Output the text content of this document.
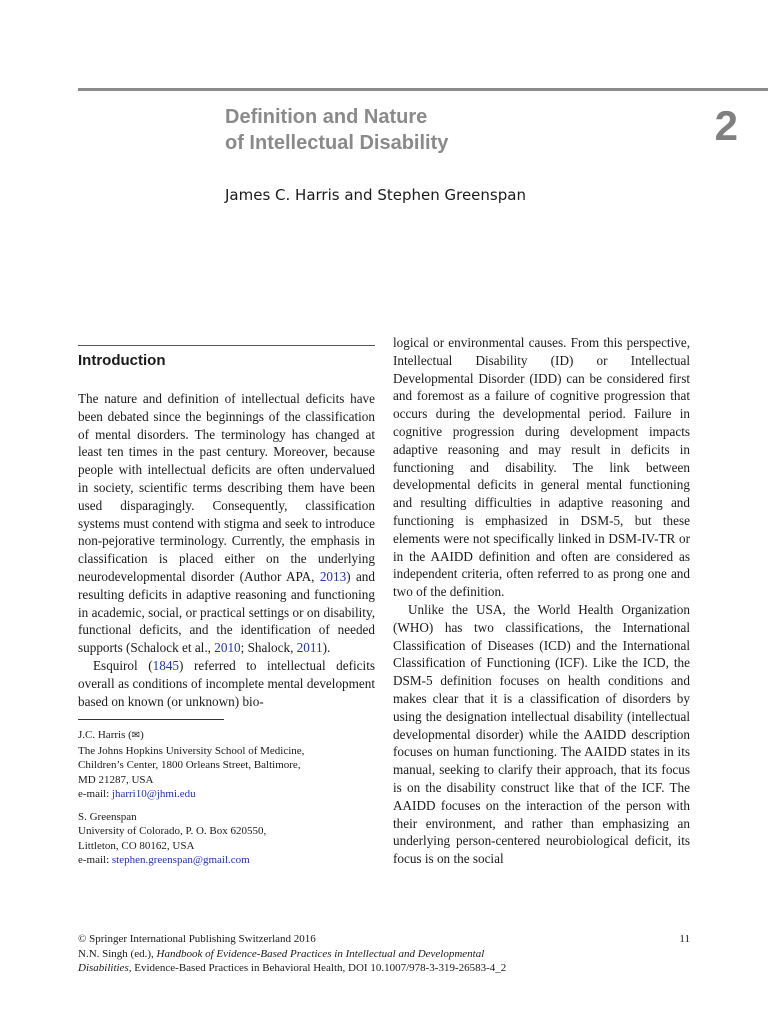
Definition and Nature
of Intellectual Disability	2

James C. Harris and Stephen Greenspan

Introduction

The nature and definition of intellectual deficits have been debated since the beginnings of the classification of mental disorders. The terminology has changed at least ten times in the past century. Moreover, because people with intellectual deficits are often undervalued in society, scientific terms describing them have been used disparagingly. Consequently, classification systems must contend with stigma and seek to introduce non-pejorative terminology. Currently, the emphasis in classification is placed either on the underlying neurodevelopmental disorder (Author APA, 2013) and resulting deficits in adaptive reasoning and functioning in academic, social, or practical settings or on disability, functional deficits, and the identification of needed supports (Schalock et al., 2010; Shalock, 2011).

Esquirol (1845) referred to intellectual deficits overall as conditions of incomplete mental development based on known (or unknown) bio-

J.C. Harris (✉)

The Johns Hopkins University School of Medicine,

Children’s Center, 1800 Orleans Street, Baltimore,

MD 21287, USA

e-mail: jharri10@jhmi.edu

S. Greenspan

University of Colorado, P. O. Box 620550,

Littleton, CO 80162, USA

e-mail: stephen.greenspan@gmail.com

logical or environmental causes. From this perspective, Intellectual Disability (ID) or Intellectual Developmental Disorder (IDD) can be considered first and foremost as a failure of cognitive progression that occurs during the developmental period. Failure in cognitive progression during development impacts adaptive reasoning and may result in deficits in functioning and disability. The link between developmental deficits in general mental functioning and resulting difficulties in adaptive reasoning and functioning is emphasized in DSM-5, but these elements were not specifically linked in DSM-IV-TR or in the AAIDD definition and often are considered as independent criteria, often referred to as prong one and two of the definition.

Unlike the USA, the World Health Organization (WHO) has two classifications, the International Classification of Diseases (ICD) and the International Classification of Functioning (ICF). Like the ICD, the DSM-5 definition focuses on health conditions and makes clear that it is a classification of disorders by using the designation intellectual disability (intellectual developmental disorder) while the AAIDD description focuses on human functioning. The AAIDD states in its manual, seeking to clarify their approach, that its focus is on the disability construct like that of the ICF. The AAIDD focuses on the interaction of the person with their environment, and rather than emphasizing an underlying person-centered neurobiological deficit, its focus is on the social

© Springer International Publishing Switzerland 2016	11

N.N. Singh (ed.), Handbook of Evidence-Based Practices in Intellectual and Developmental
Disabilities, Evidence-Based Practices in Behavioral Health, DOI 10.1007/978-3-319-26583-4_2
